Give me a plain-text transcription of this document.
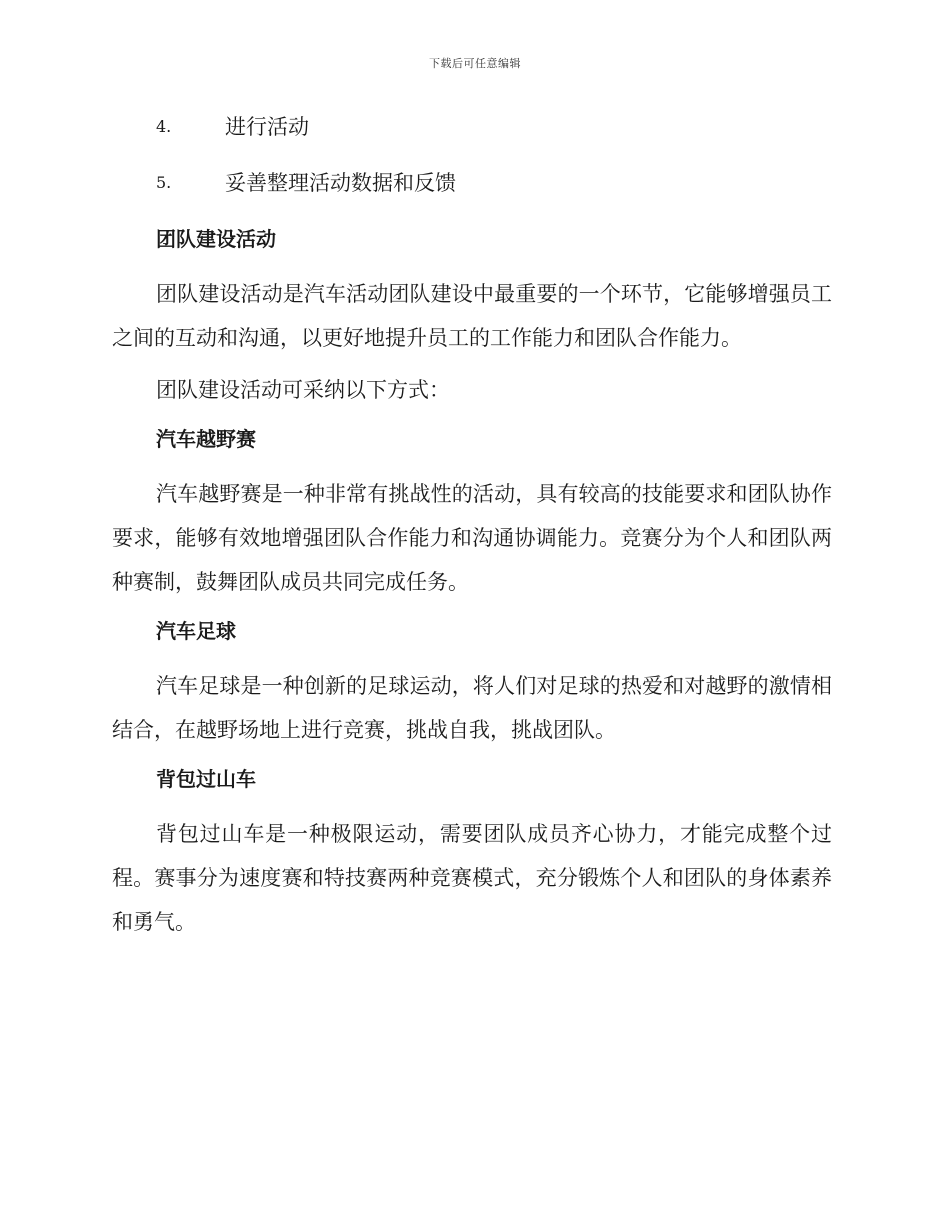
下载后可任意编辑
4.	进行活动
5.	妥善整理活动数据和反馈
团队建设活动

团队建设活动是汽车活动团队建设中最重要的一个环节，它能够增强员工之间的互动和沟通，以更好地提升员工的工作能力和团队合作能力。

团队建设活动可采纳以下方式：

汽车越野赛

汽车越野赛是一种非常有挑战性的活动，具有较高的技能要求和团队协作要求，能够有效地增强团队合作能力和沟通协调能力。竞赛分为个人和团队两种赛制，鼓舞团队成员共同完成任务。

汽车足球

汽车足球是一种创新的足球运动，将人们对足球的热爱和对越野的激情相结合，在越野场地上进行竞赛，挑战自我，挑战团队。

背包过山车

背包过山车是一种极限运动，需要团队成员齐心协力，才能完成整个过程。赛事分为速度赛和特技赛两种竞赛模式，充分锻炼个人和团队的身体素养和勇气。
